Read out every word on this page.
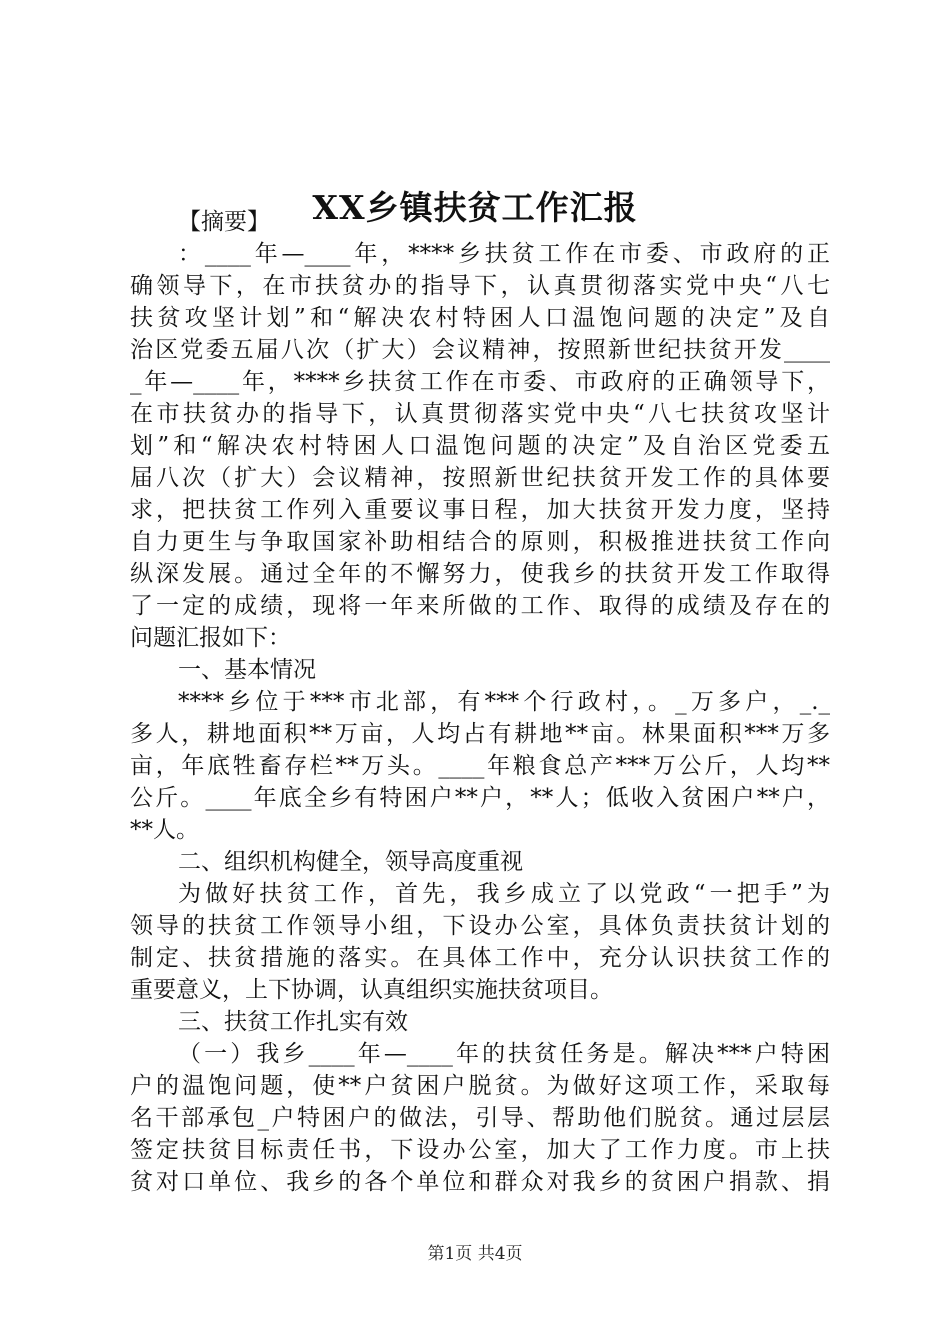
XX乡镇扶贫工作汇报
【摘要】
：____年—____年，****乡扶贫工作在市委、市政府的正
确领导下，在市扶贫办的指导下，认真贯彻落实党中央“八七
扶贫攻坚计划”和“解决农村特困人口温饱问题的决定”及自
治区党委五届八次（扩大）会议精神，按照新世纪扶贫开发____
_年—____年，****乡扶贫工作在市委、市政府的正确领导下，
在市扶贫办的指导下，认真贯彻落实党中央“八七扶贫攻坚计
划”和“解决农村特困人口温饱问题的决定”及自治区党委五
届八次（扩大）会议精神，按照新世纪扶贫开发工作的具体要
求，把扶贫工作列入重要议事日程，加大扶贫开发力度，坚持
自力更生与争取国家补助相结合的原则，积极推进扶贫工作向
纵深发展。通过全年的不懈努力，使我乡的扶贫开发工作取得
了一定的成绩，现将一年来所做的工作、取得的成绩及存在的
问题汇报如下：
一、基本情况
****乡位于***市北部，有***个行政村，。_万多户，_._
多人，耕地面积**万亩，人均占有耕地**亩。林果面积***万多
亩，年底牲畜存栏**万头。____年粮食总产***万公斤，人均**
公斤。____年底全乡有特困户**户，**人；低收入贫困户**户，
**人。
二、组织机构健全，领导高度重视
为做好扶贫工作，首先，我乡成立了以党政“一把手”为
领导的扶贫工作领导小组，下设办公室，具体负责扶贫计划的
制定、扶贫措施的落实。在具体工作中，充分认识扶贫工作的
重要意义，上下协调，认真组织实施扶贫项目。
三、扶贫工作扎实有效
（一）我乡____年—____年的扶贫任务是。解决***户特困
户的温饱问题，使**户贫困户脱贫。为做好这项工作，采取每
名干部承包_户特困户的做法，引导、帮助他们脱贫。通过层层
签定扶贫目标责任书，下设办公室，加大了工作力度。市上扶
贫对口单位、我乡的各个单位和群众对我乡的贫困户捐款、捐
第1页 共4页
